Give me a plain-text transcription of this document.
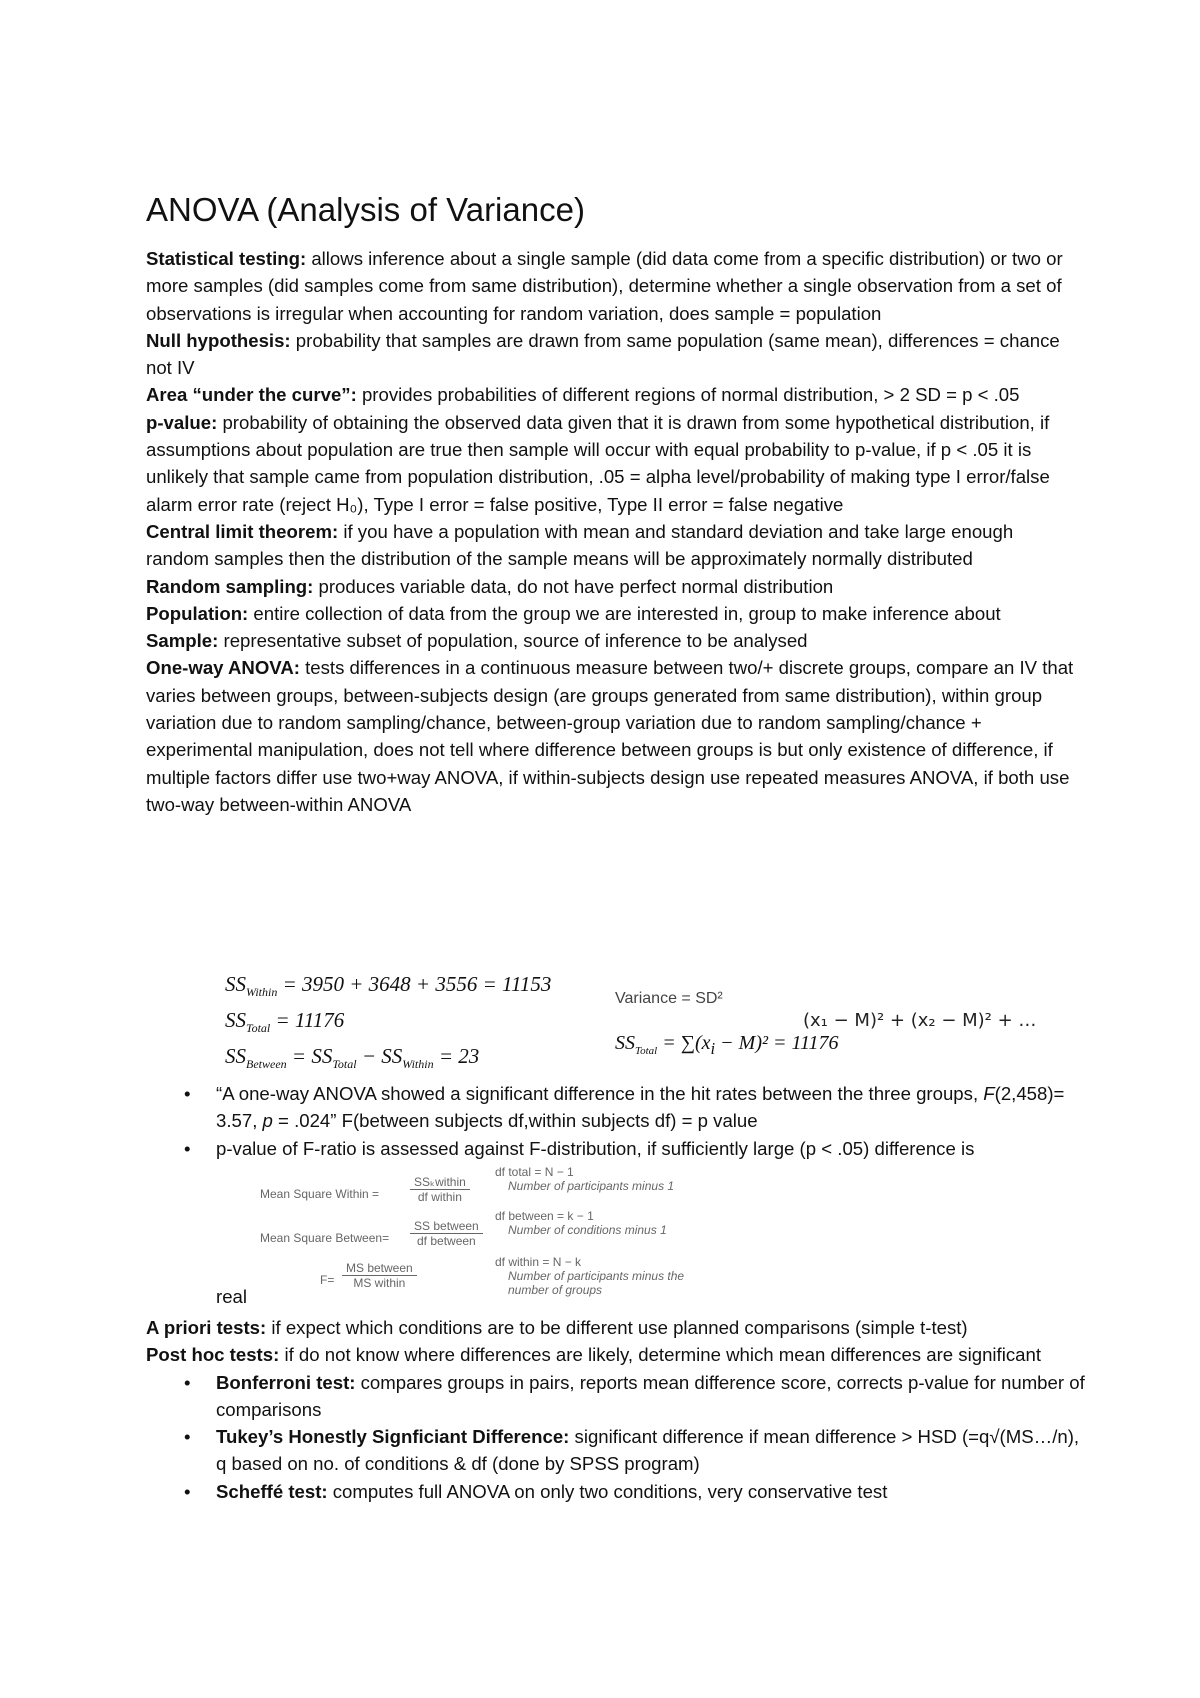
ANOVA (Analysis of Variance)

Statistical testing: allows inference about a single sample (did data come from a specific distribution) or two or more samples (did samples come from same distribution), determine whether a single observation from a set of observations is irregular when accounting for random variation, does sample = population

Null hypothesis: probability that samples are drawn from same population (same mean), differences = chance not IV

Area “under the curve”: provides probabilities of different regions of normal distribution, > 2 SD = p < .05

p-value: probability of obtaining the observed data given that it is drawn from some hypothetical distribution, if assumptions about population are true then sample will occur with equal probability to p-value, if p < .05 it is unlikely that sample came from population distribution, .05 = alpha level/probability of making type I error/false alarm error rate (reject H₀), Type I error = false positive, Type II error = false negative

Central limit theorem: if you have a population with mean and standard deviation and take large enough random samples then the distribution of the sample means will be approximately normally distributed

Random sampling: produces variable data, do not have perfect normal distribution

Population: entire collection of data from the group we are interested in, group to make inference about

Sample: representative subset of population, source of inference to be analysed

One-way ANOVA: tests differences in a continuous measure between two/+ discrete groups, compare an IV that varies between groups, between-subjects design (are groups generated from same distribution), within group variation due to random sampling/chance, between-group variation due to random sampling/chance + experimental manipulation, does not tell where difference between groups is but only existence of difference, if multiple factors differ use two+way ANOVA, if within-subjects design use repeated measures ANOVA, if both use two-way between-within ANOVA

$SS_{Within} = 3950 + 3648 + 3556 = 11153$
$SS_{Total} = 11176$
$SS_{Between} = SS_{Total} - SS_{Within} = 23$
Variance = SD²
(x₁ − M)² + (x₂ − M)² + …
$SS_{Total} = \sum(x_i - M)^2 = 11176$
• “A one-way ANOVA showed a significant difference in the hit rates between the three groups, F(2,458)= 3.57, p = .024” F(between subjects df,within subjects df) = p value
• p-value of F-ratio is assessed against F-distribution, if sufficiently large (p < .05) difference is
Mean Square Within =
SSₖwithin
df within
Mean Square Between=
SS between
df between
F=
MS between
MS within
df total = N − 1
Number of participants minus 1
df between = k − 1
Number of conditions minus 1
df within = N − k
Number of participants minus the number of groups
real

A priori tests: if expect which conditions are to be different use planned comparisons (simple t-test)

Post hoc tests: if do not know where differences are likely, determine which mean differences are significant

• Bonferroni test: compares groups in pairs, reports mean difference score, corrects p-value for number of comparisons
• Tukey’s Honestly Signficiant Difference: significant difference if mean difference > HSD (=q√(MS…/n), q based on no. of conditions & df (done by SPSS program)
• Scheffé test: computes full ANOVA on only two conditions, very conservative test
